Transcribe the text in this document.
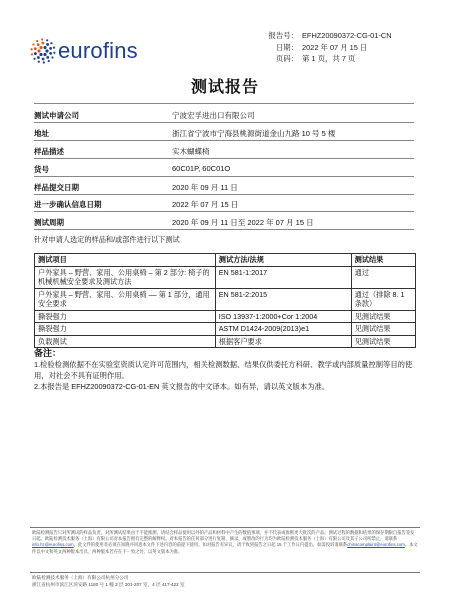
eurofins
报告号： EFHZ20090372-CG-01-CN
日期： 2022 年 07 月 15 日
页码： 第 1 页，共 7 页
测试报告
测试申请公司	宁波宏孚进出口有限公司
地址	浙江省宁波市宁海县桃源街道金山九路 10 号 5 楼
样品描述	实木蝴蝶椅
货号	60C01P, 60C01O
样品提交日期	2020 年 09 月 11 日
进一步确认信息日期	2022 年 07 月 15 日
测试周期	2020 年 09 月 11 日至 2022 年 07 月 15 日
针对申请人选定的样品和/或部件进行以下测试
测试项目	测试方法/法规	测试结果
户外家具 – 野营、家用、公用桌椅 – 第 2 部分: 椅子的机械机械安全要求及测试方法	EN 581-1:2017	通过
户外家具 – 野营、家用、公用桌椅 –– 第 1 部分，通用安全要求	EN 581-2:2015	通过（排除 8. 1 条款）
撕裂强力	ISO 13937-1:2000+Cor 1:2004	见测试结果
撕裂强力	ASTM D1424-2009(2013)e1	见测试结果
负载测试	根据客户要求	见测试结果
备注：
1.检验检测依据不在实验室资质认定许可范围内，相关检测数据、结果仅供委托方科研、教学或内部质量控制等目的使用，对社会不具有证明作用。
2.本报告是 EFHZ20090372-CG-01-EN 英文报告的中文译本。如有异，请以英文版本为准。
欧陆检测报告只对所测试的样品负责，对所测试结果由于不能推测，请结合样品使用以外的产品和材料中产生的数值事项，并不代表或推断更大批次的产品。测试过程的数据和结果的保存期限自报告签发日起。欧陆检测技术服务（上海）有限公司对本报告拥有完整的解释权。对本报告的任何部分进行复制、摘录、或篡改的行为均为欧陆检测技术服务（上海）有限公司及其子公司所禁止，请联系info.hz@eurofins.com。此文件的使用者必须在知晓并同意本文件下述内容的前提下使用。如对报告有异议，请于收到报告之日起 15 个工作日内提出，如需投诉请联系chinacomplaint@eurofins.com。本文件以中文和英文两种版本出具，两种版本若存在不一致之处，以英文版本为准。
欧陆检测技术服务（上海）有限公司杭州分公司
浙江省杭州市滨江区滨安路 1180 号 1 幢 2 层 201-207 室，4 层 417-422 室
